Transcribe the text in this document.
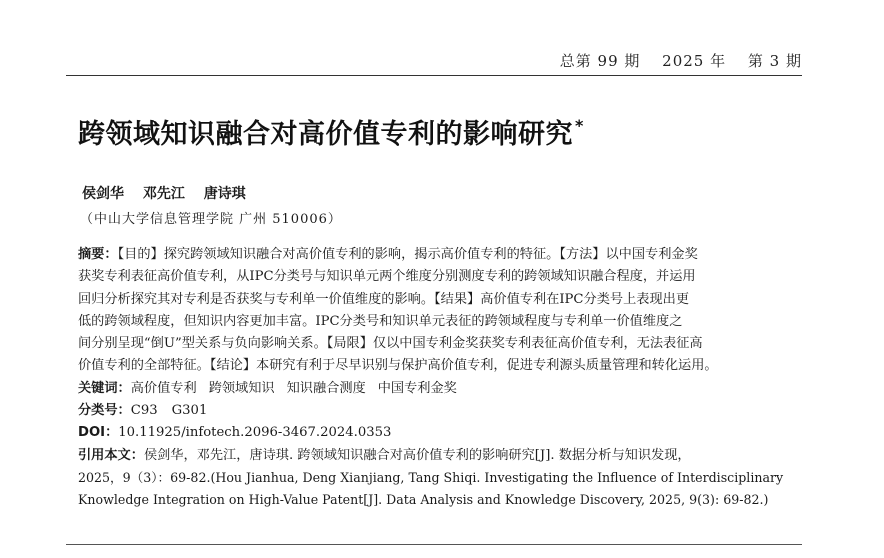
总第 99 期 2025 年 第 3 期
跨领域知识融合对高价值专利的影响研究 *
侯剑华 邓先江 唐诗琪
（中山大学信息管理学院 广州 510006）
摘要：【目的】探究跨领域知识融合对高价值专利的影响，揭示高价值专利的特征。【方法】以中国专利金奖
获奖专利表征高价值专利，从IPC分类号与知识单元两个维度分别测度专利的跨领域知识融合程度，并运用
回归分析探究其对专利是否获奖与专利单一价值维度的影响。【结果】高价值专利在IPC分类号上表现出更
低的跨领域程度，但知识内容更加丰富。IPC分类号和知识单元表征的跨领域程度与专利单一价值维度之
间分别呈现“倒U”型关系与负向影响关系。【局限】仅以中国专利金奖获奖专利表征高价值专利，无法表征高
价值专利的全部特征。【结论】本研究有利于尽早识别与保护高价值专利，促进专利源头质量管理和转化运用。
关键词：高价值专利 跨领域知识 知识融合测度 中国专利金奖
分类号：C93 G301
DOI：10.11925/infotech.2096-3467.2024.0353
引用本文：侯剑华，邓先江，唐诗琪. 跨领域知识融合对高价值专利的影响研究[J]. 数据分析与知识发现，
2025，9（3）：69-82.(Hou Jianhua, Deng Xianjiang, Tang Shiqi. Investigating the Influence of Interdisciplinary
Knowledge Integration on High-Value Patent[J]. Data Analysis and Knowledge Discovery, 2025, 9(3): 69-82.)
